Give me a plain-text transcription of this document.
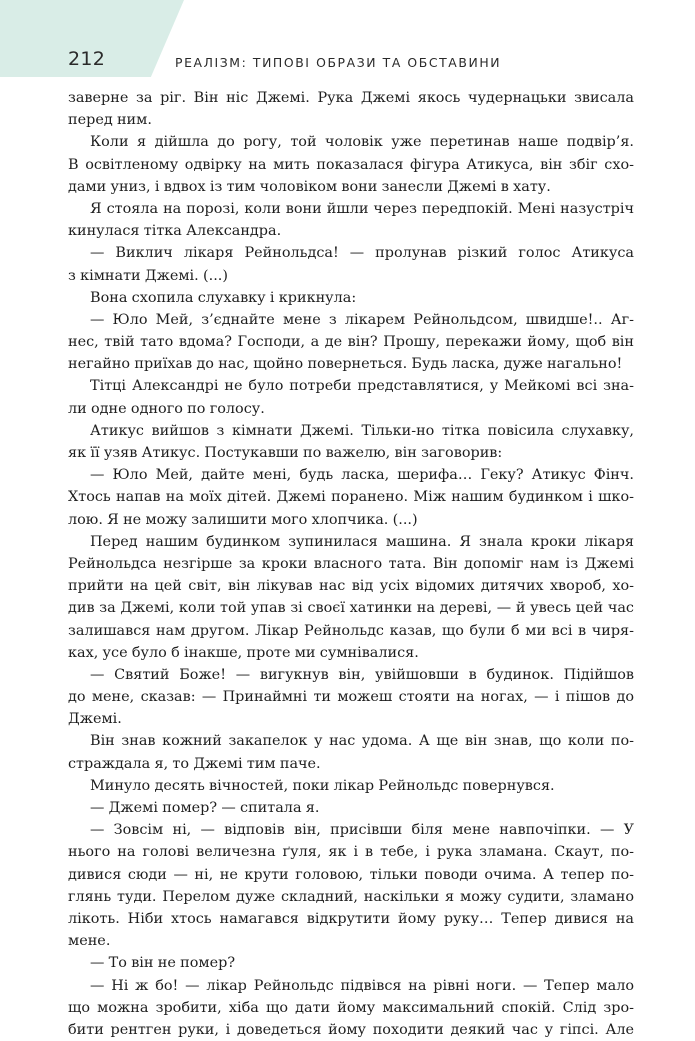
212	РЕАЛІЗМ: ТИПОВІ ОБРАЗИ ТА ОБСТАВИНИ
заверне за ріг. Він ніс Джемі. Рука Джемі якось чудернацьки звисала
перед ним.
Коли я дійшла до рогу, той чоловік уже перетинав наше подвір’я.
В освітленому одвірку на мить показалася фігура Атикуса, він збіг схо-
дами униз, і вдвох із тим чоловіком вони занесли Джемі в хату.
Я стояла на порозі, коли вони йшли через передпокій. Мені назустріч
кинулася тітка Александра.
— Виклич лікаря Рейнольдса! — пролунав різкий голос Атикуса
з кімнати Джемі. (...)
Вона схопила слухавку і крикнула:
— Юло Мей, з’єднайте мене з лікарем Рейнольдсом, швидше!.. Аг-
нес, твій тато вдома? Господи, а де він? Прошу, перекажи йому, щоб він
негайно приїхав до нас, щойно повернеться. Будь ласка, дуже нагально!
Тітці Александрі не було потреби представлятися, у Мейкомі всі зна-
ли одне одного по голосу.
Атикус вийшов з кімнати Джемі. Тільки-но тітка повісила слухавку,
як її узяв Атикус. Постукавши по важелю, він заговорив:
— Юло Мей, дайте мені, будь ласка, шерифа… Геку? Атикус Фінч.
Хтось напав на моїх дітей. Джемі поранено. Між нашим будинком і шко-
лою. Я не можу залишити мого хлопчика. (...)
Перед нашим будинком зупинилася машина. Я знала кроки лікаря
Рейнольдса незгірше за кроки власного тата. Він допоміг нам із Джемі
прийти на цей світ, він лікував нас від усіх відомих дитячих хвороб, хо-
див за Джемі, коли той упав зі своєї хатинки на дереві, — й увесь цей час
залишався нам другом. Лікар Рейнольдс казав, що були б ми всі в чиря-
ках, усе було б інакше, проте ми сумнівалися.
— Святий Боже! — вигукнув він, увійшовши в будинок. Підійшов
до мене, сказав: — Принаймні ти можеш стояти на ногах, — і пішов до
Джемі.
Він знав кожний закапелок у нас удома. А ще він знав, що коли по-
страждала я, то Джемі тим паче.
Минуло десять вічностей, поки лікар Рейнольдс повернувся.
— Джемі помер? — спитала я.
— Зовсім ні, — відповів він, присівши біля мене навпочіпки. — У
нього на голові величезна ґуля, як і в тебе, і рука зламана. Скаут, по-
дивися сюди — ні, не крути головою, тільки поводи очима. А тепер по-
глянь туди. Перелом дуже складний, наскільки я можу судити, зламано
лікоть. Ніби хтось намагався відкрутити йому руку… Тепер дивися на
мене.
— То він не помер?
— Ні ж бо! — лікар Рейнольдс підвівся на рівні ноги. — Тепер мало
що можна зробити, хіба що дати йому максимальний спокій. Слід зро-
бити рентген руки, і доведеться йому походити деякий час у гіпсі. Але
